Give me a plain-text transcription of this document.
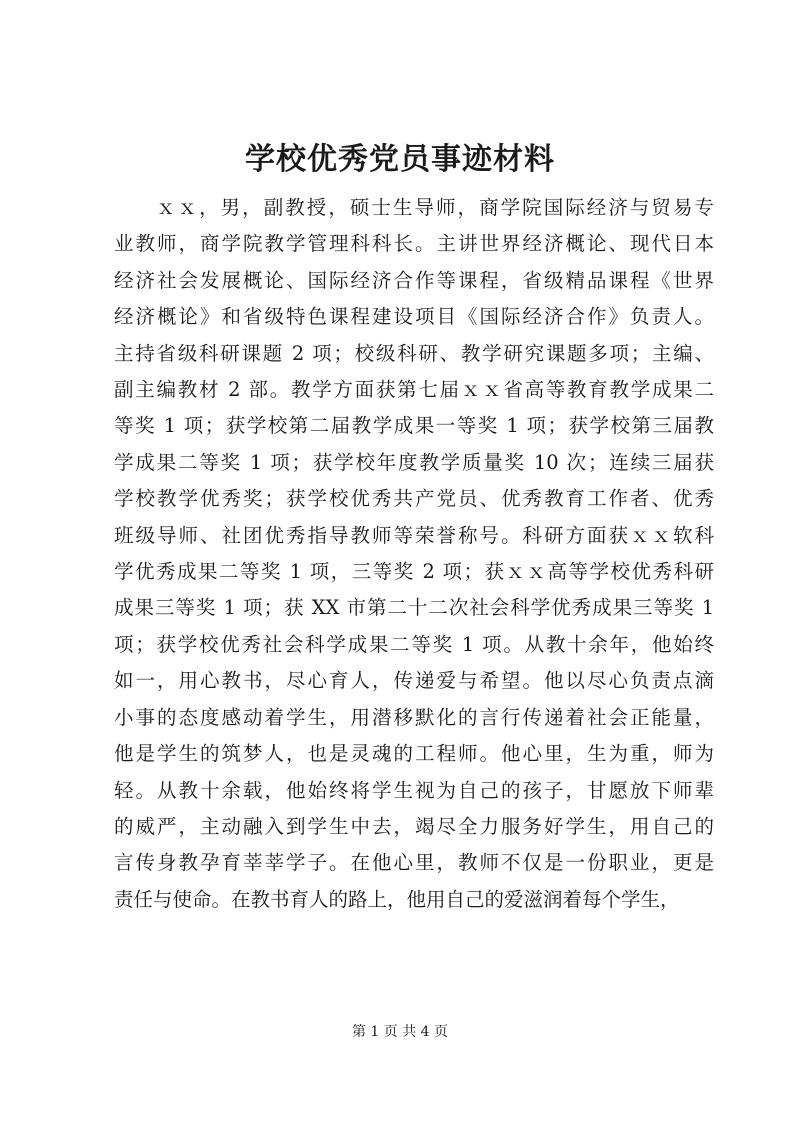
学校优秀党员事迹材料
ｘｘ，男，副教授，硕士生导师，商学院国际经济与贸易专
业教师，商学院教学管理科科长。主讲世界经济概论、现代日本
经济社会发展概论、国际经济合作等课程，省级精品课程《世界
经济概论》和省级特色课程建设项目《国际经济合作》负责人。
主持省级科研课题 2 项；校级科研、教学研究课题多项；主编、
副主编教材 2 部。教学方面获第七届ｘｘ省高等教育教学成果二
等奖 1 项；获学校第二届教学成果一等奖 1 项；获学校第三届教
学成果二等奖 1 项；获学校年度教学质量奖 10 次；连续三届获
学校教学优秀奖；获学校优秀共产党员、优秀教育工作者、优秀
班级导师、社团优秀指导教师等荣誉称号。科研方面获ｘｘ软科
学优秀成果二等奖 1 项，三等奖 2 项；获ｘｘ高等学校优秀科研
成果三等奖 1 项；获 XX 市第二十二次社会科学优秀成果三等奖 1
项；获学校优秀社会科学成果二等奖 1 项。从教十余年，他始终
如一，用心教书，尽心育人，传递爱与希望。他以尽心负责点滴
小事的态度感动着学生，用潜移默化的言行传递着社会正能量，
他是学生的筑梦人，也是灵魂的工程师。他心里，生为重，师为
轻。从教十余载，他始终将学生视为自己的孩子，甘愿放下师辈
的威严，主动融入到学生中去，竭尽全力服务好学生，用自己的
言传身教孕育莘莘学子。在他心里，教师不仅是一份职业，更是
责任与使命。在教书育人的路上，他用自己的爱滋润着每个学生，
第 1 页 共 4 页
